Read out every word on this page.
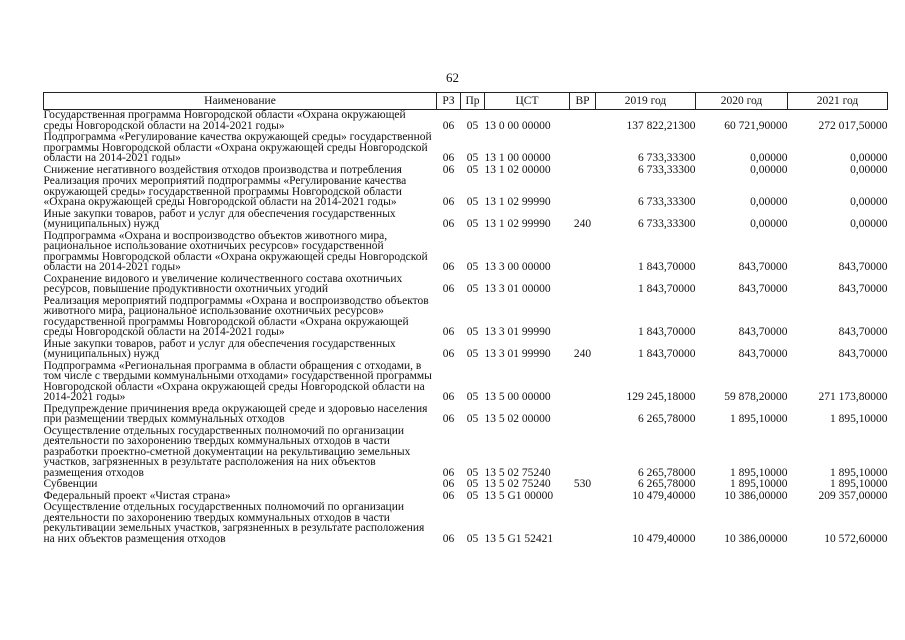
62
Наименование	РЗ	Пр	ЦСТ	ВР	2019 год	2020 год	2021 год
Государственная программа Новгородской области «Охрана окружающей среды Новгородской области на 2014-2021 годы»	06	05	13 0 00 00000		137 822,21300	60 721,90000	272 017,50000
Подпрограмма «Регулирование качества окружающей среды» государственной программы Новгородской области «Охрана окружающей среды Новгородской области на 2014-2021 годы»	06	05	13 1 00 00000		6 733,33300	0,00000	0,00000
Снижение негативного воздействия отходов производства и потребления	06	05	13 1 02 00000		6 733,33300	0,00000	0,00000
Реализация прочих мероприятий подпрограммы «Регулирование качества окружающей среды» государственной программы Новгородской области «Охрана окружающей среды Новгородской области на 2014-2021 годы»	06	05	13 1 02 99990		6 733,33300	0,00000	0,00000
Иные закупки товаров, работ и услуг для обеспечения государственных (муниципальных) нужд	06	05	13 1 02 99990	240	6 733,33300	0,00000	0,00000
Подпрограмма «Охрана и воспроизводство объектов животного мира, рациональное использование охотничьих ресурсов» государственной программы Новгородской области «Охрана окружающей среды Новгородской области на 2014-2021 годы»	06	05	13 3 00 00000		1 843,70000	843,70000	843,70000
Сохранение видового и увеличение количественного состава охотничьих ресурсов, повышение продуктивности охотничьих угодий	06	05	13 3 01 00000		1 843,70000	843,70000	843,70000
Реализация мероприятий подпрограммы «Охрана и воспроизводство объектов животного мира, рациональное использование охотничьих ресурсов» государственной программы Новгородской области «Охрана окружающей среды Новгородской области на 2014-2021 годы»	06	05	13 3 01 99990		1 843,70000	843,70000	843,70000
Иные закупки товаров, работ и услуг для обеспечения государственных (муниципальных) нужд	06	05	13 3 01 99990	240	1 843,70000	843,70000	843,70000
Подпрограмма «Региональная программа в области обращения с отходами, в том числе с твердыми коммунальными отходами» государственной программы Новгородской области «Охрана окружающей среды Новгородской области на 2014-2021 годы»	06	05	13 5 00 00000		129 245,18000	59 878,20000	271 173,80000
Предупреждение причинения вреда окружающей среде и здоровью населения при размещении твердых коммунальных отходов	06	05	13 5 02 00000		6 265,78000	1 895,10000	1 895,10000
Осуществление отдельных государственных полномочий по организации деятельности по захоронению твердых коммунальных отходов в части разработки проектно-сметной документации на рекультивацию земельных участков, загрязненных в результате расположения на них объектов размещения отходов	06	05	13 5 02 75240		6 265,78000	1 895,10000	1 895,10000
Субвенции	06	05	13 5 02 75240	530	6 265,78000	1 895,10000	1 895,10000
Федеральный проект «Чистая страна»	06	05	13 5 G1 00000		10 479,40000	10 386,00000	209 357,00000
Осуществление отдельных государственных полномочий по организации деятельности по захоронению твердых коммунальных отходов в части рекультивации земельных участков, загрязненных в результате расположения на них объектов размещения отходов	06	05	13 5 G1 52421		10 479,40000	10 386,00000	10 572,60000
